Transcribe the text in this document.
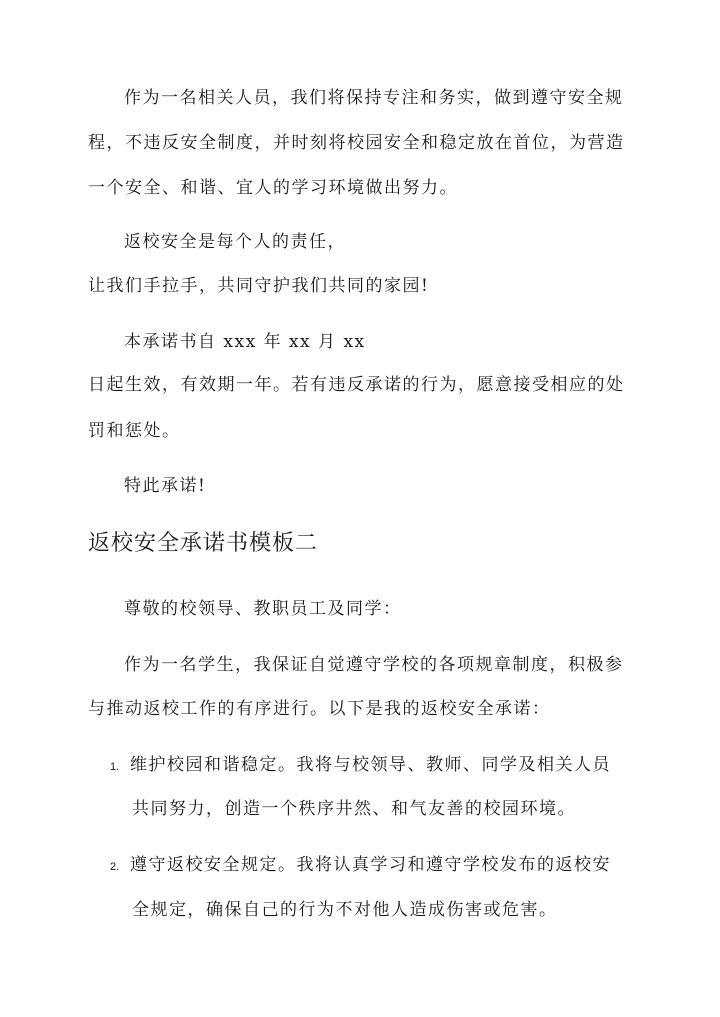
作为一名相关人员，我们将保持专注和务实，做到遵守安全规
程，不违反安全制度，并时刻将校园安全和稳定放在首位，为营造
一个安全、和谐、宜人的学习环境做出努力。
返校安全是每个人的责任，
让我们手拉手，共同守护我们共同的家园!
本承诺书自 xxx 年 xx 月 xx
日起生效，有效期一年。若有违反承诺的行为，愿意接受相应的处
罚和惩处。
特此承诺!
返校安全承诺书模板二
尊敬的校领导、教职员工及同学：
作为一名学生，我保证自觉遵守学校的各项规章制度，积极参
与推动返校工作的有序进行。以下是我的返校安全承诺：
1. 维护校园和谐稳定。我将与校领导、教师、同学及相关人员
共同努力，创造一个秩序井然、和气友善的校园环境。
2. 遵守返校安全规定。我将认真学习和遵守学校发布的返校安
全规定，确保自己的行为不对他人造成伤害或危害。
